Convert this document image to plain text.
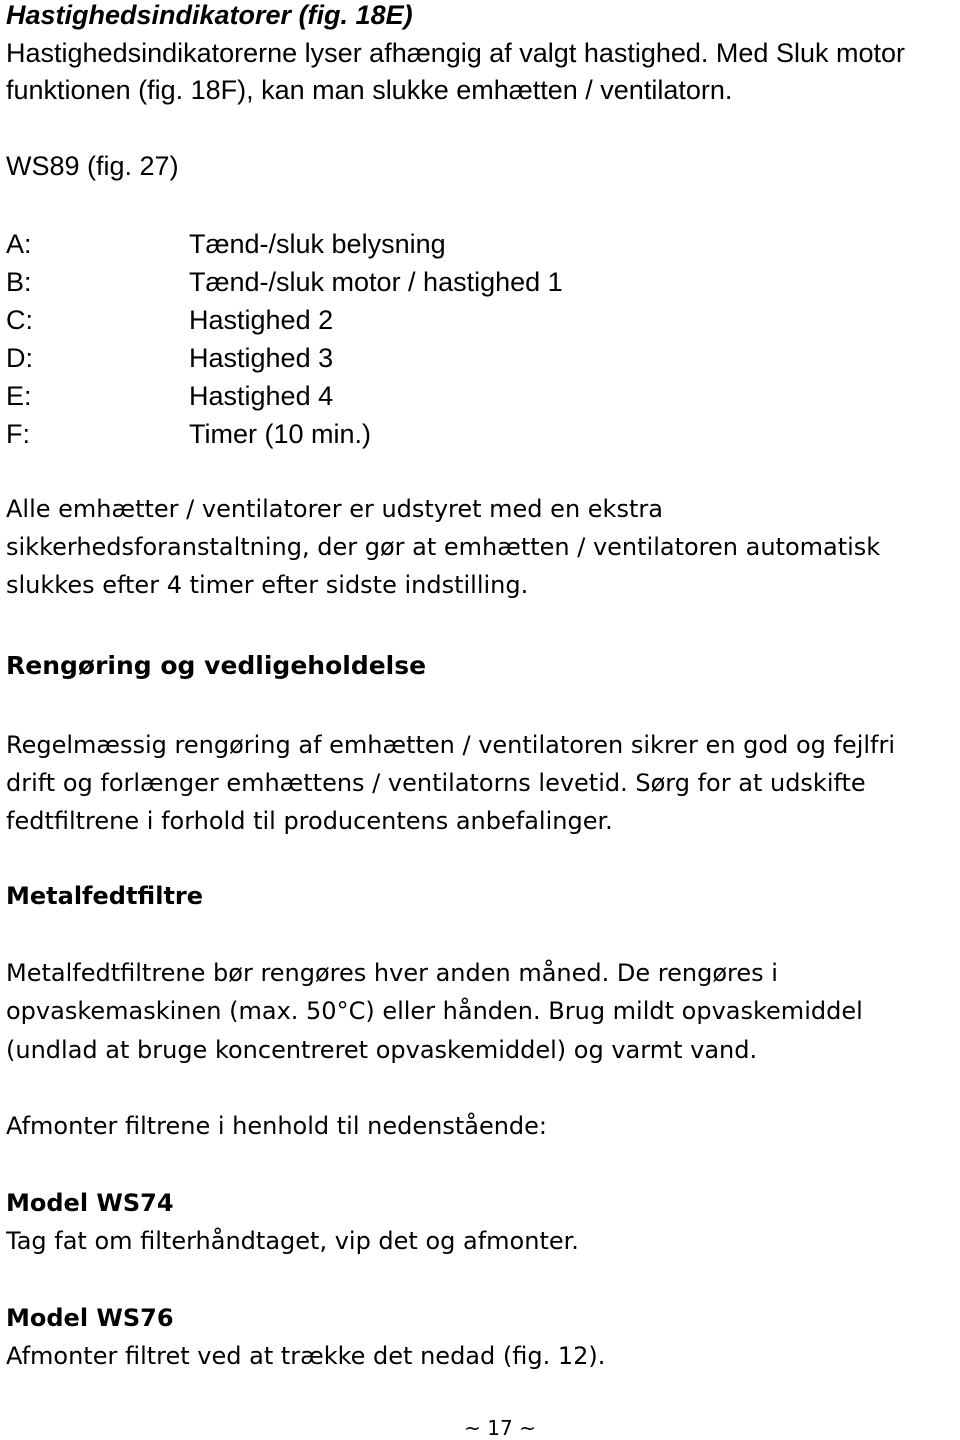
Hastighedsindikatorer (fig. 18E)
Hastighedsindikatorerne lyser afhængig af valgt hastighed. Med Sluk motor
funktionen (fig. 18F), kan man slukke emhætten / ventilatorn.
WS89 (fig. 27)
A:	Tænd-/sluk belysning
B:	Tænd-/sluk motor / hastighed 1
C:	Hastighed 2
D:	Hastighed 3
E:	Hastighed 4
F:	Timer (10 min.)
Alle emhætter / ventilatorer er udstyret med en ekstra
sikkerhedsforanstaltning, der gør at emhætten / ventilatoren automatisk
slukkes efter 4 timer efter sidste indstilling.
Rengøring og vedligeholdelse
Regelmæssig rengøring af emhætten / ventilatoren sikrer en god og fejlfri
drift og forlænger emhættens / ventilatorns levetid. Sørg for at udskifte
fedtfiltrene i forhold til producentens anbefalinger.
Metalfedtfiltre
Metalfedtfiltrene bør rengøres hver anden måned. De rengøres i
opvaskemaskinen (max. 50°C) eller hånden. Brug mildt opvaskemiddel
(undlad at bruge koncentreret opvaskemiddel) og varmt vand.
Afmonter filtrene i henhold til nedenstående:
Model WS74
Tag fat om filterhåndtaget, vip det og afmonter.
Model WS76
Afmonter filtret ved at trække det nedad (fig. 12).
~ 17 ~
